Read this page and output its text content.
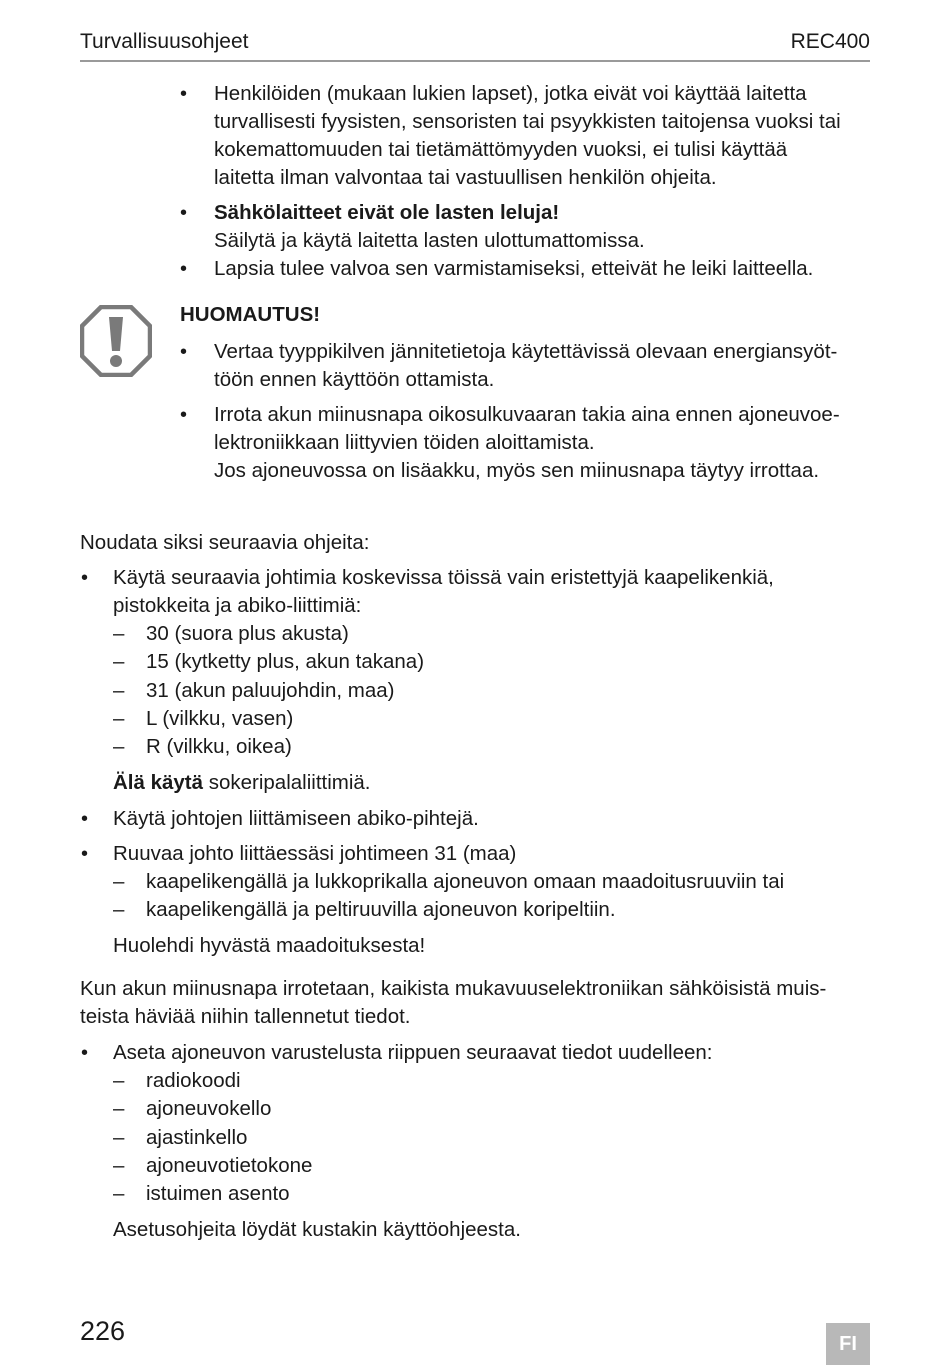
Turvallisuusohjeet	REC400
• Henkilöiden (mukaan lukien lapset), jotka eivät voi käyttää laitetta
turvallisesti fyysisten, sensoristen tai psyykkisten taitojensa vuoksi tai
kokemattomuuden tai tietämättömyyden vuoksi, ei tulisi käyttää
laitetta ilman valvontaa tai vastuullisen henkilön ohjeita.
• Sähkölaitteet eivät ole lasten leluja!
Säilytä ja käytä laitetta lasten ulottumattomissa.
• Lapsia tulee valvoa sen varmistamiseksi, etteivät he leiki laitteella.
HUOMAUTUS!
• Vertaa tyyppikilven jännitetietoja käytettävissä olevaan energiansyöt-
töön ennen käyttöön ottamista.
• Irrota akun miinusnapa oikosulkuvaaran takia aina ennen ajoneuvoe-
lektroniikkaan liittyvien töiden aloittamista.
Jos ajoneuvossa on lisäakku, myös sen miinusnapa täytyy irrottaa.
Noudata siksi seuraavia ohjeita:
• Käytä seuraavia johtimia koskevissa töissä vain eristettyjä kaapelikenkiä,
pistokkeita ja abiko-liittimiä:
– 30 (suora plus akusta)
– 15 (kytketty plus, akun takana)
– 31 (akun paluujohdin, maa)
– L (vilkku, vasen)
– R (vilkku, oikea)
Älä käytä sokeripalaliittimiä.
• Käytä johtojen liittämiseen abiko-pihtejä.
• Ruuvaa johto liittäessäsi johtimeen 31 (maa)
– kaapelikengällä ja lukkoprikalla ajoneuvon omaan maadoitusruuviin tai
– kaapelikengällä ja peltiruuvilla ajoneuvon koripeltiin.
Huolehdi hyvästä maadoituksesta!
Kun akun miinusnapa irrotetaan, kaikista mukavuuselektroniikan sähköisistä muis-
teista häviää niihin tallennetut tiedot.
• Aseta ajoneuvon varustelusta riippuen seuraavat tiedot uudelleen:
– radiokoodi
– ajoneuvokello
– ajastinkello
– ajoneuvotietokone
– istuimen asento
Asetusohjeita löydät kustakin käyttöohjeesta.
226	FI
